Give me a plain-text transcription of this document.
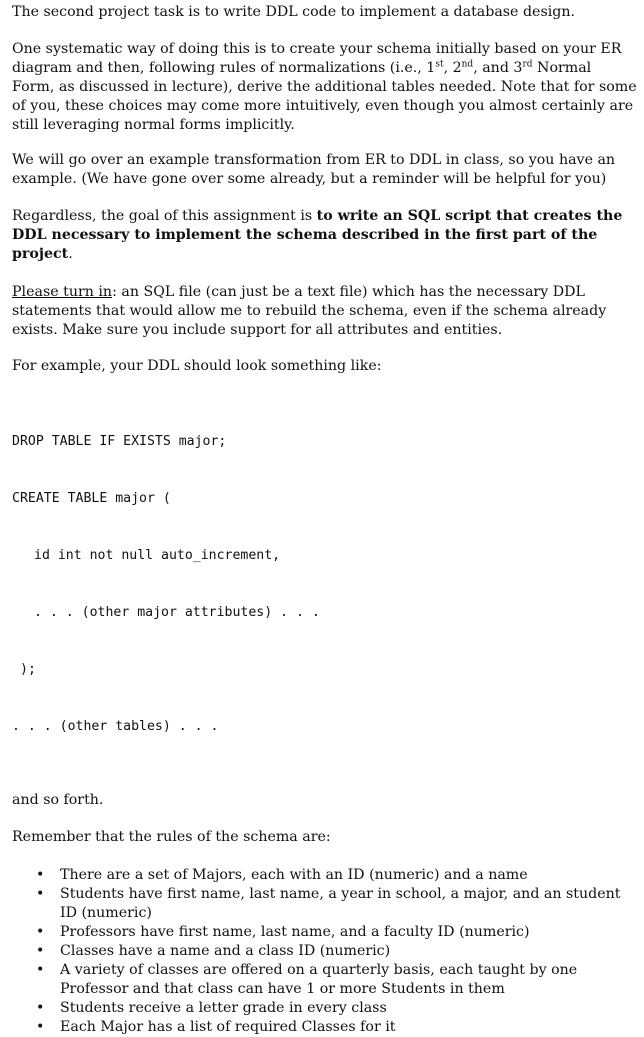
The second project task is to write DDL code to implement a database design.

One systematic way of doing this is to create your schema initially based on your ER diagram and then, following rules of normalizations (i.e., 1st, 2nd, and 3rd Normal Form, as discussed in lecture), derive the additional tables needed. Note that for some of you, these choices may come more intuitively, even though you almost certainly are still leveraging normal forms implicitly.

We will go over an example transformation from ER to DDL in class, so you have an example. (We have gone over some already, but a reminder will be helpful for you)

Regardless, the goal of this assignment is to write an SQL script that creates the DDL necessary to implement the schema described in the first part of the project.

Please turn in: an SQL file (can just be a text file) which has the necessary DDL statements that would allow me to rebuild the schema, even if the schema already exists. Make sure you include support for all attributes and entities.

For example, your DDL should look something like:

DROP TABLE IF EXISTS major;

CREATE TABLE major (

id int not null auto_increment,

. . . (other major attributes) . . .

);

. . . (other tables) . . .

and so forth.

Remember that the rules of the schema are:

• There are a set of Majors, each with an ID (numeric) and a name
• Students have first name, last name, a year in school, a major, and an student ID (numeric)
• Professors have first name, last name, and a faculty ID (numeric)
• Classes have a name and a class ID (numeric)
• A variety of classes are offered on a quarterly basis, each taught by one Professor and that class can have 1 or more Students in them
• Students receive a letter grade in every class
• Each Major has a list of required Classes for it
